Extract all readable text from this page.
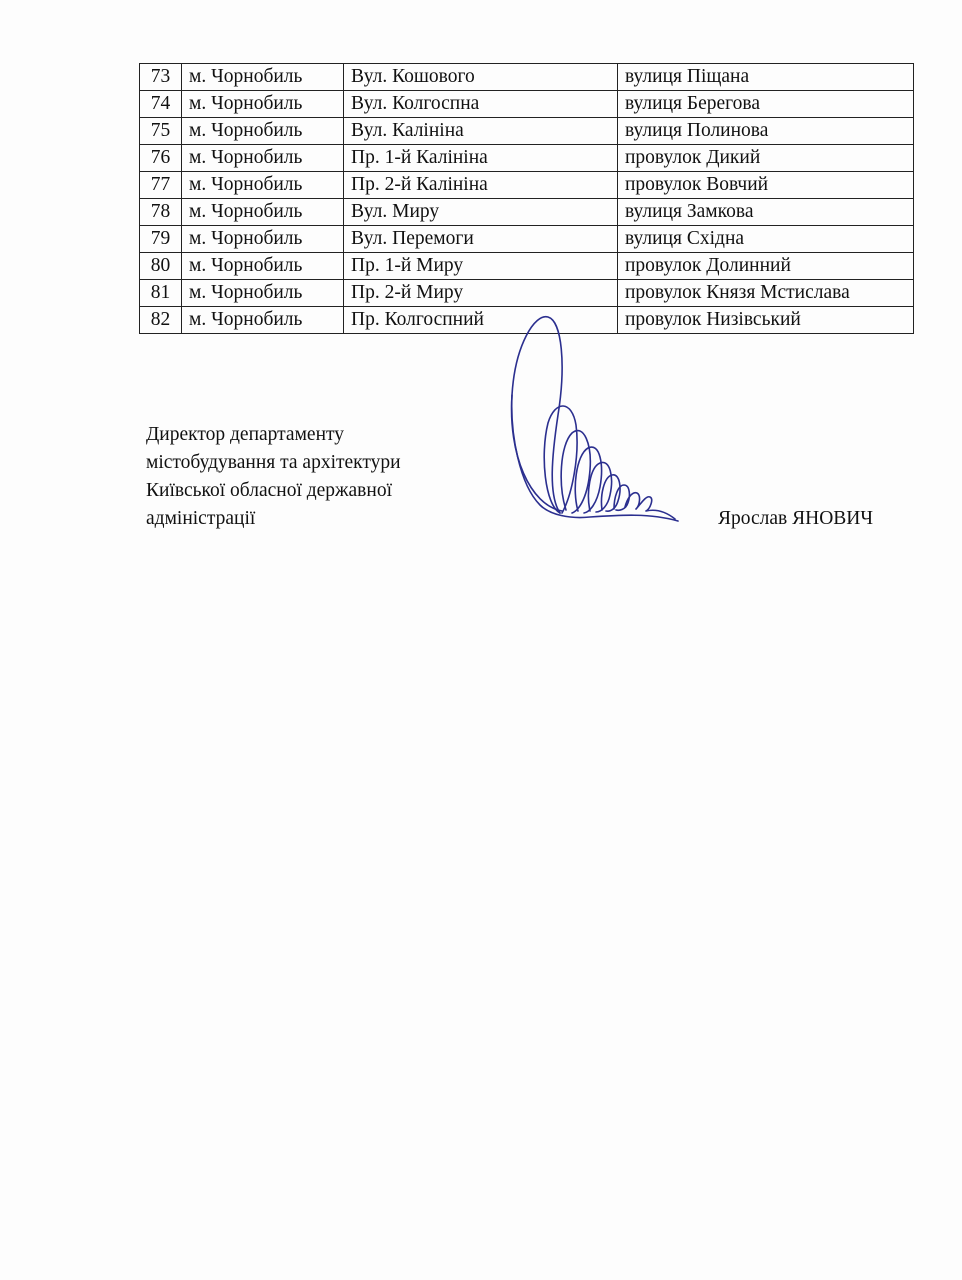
73	м. Чорнобиль	Вул. Кошового	вулиця Піщана
74	м. Чорнобиль	Вул. Колгоспна	вулиця Берегова
75	м. Чорнобиль	Вул. Калініна	вулиця Полинова
76	м. Чорнобиль	Пр. 1-й Калініна	провулок Дикий
77	м. Чорнобиль	Пр. 2-й Калініна	провулок Вовчий
78	м. Чорнобиль	Вул. Миру	вулиця Замкова
79	м. Чорнобиль	Вул. Перемоги	вулиця Східна
80	м. Чорнобиль	Пр. 1-й Миру	провулок Долинний
81	м. Чорнобиль	Пр. 2-й Миру	провулок Князя Мстислава
82	м. Чорнобиль	Пр. Колгоспний	провулок Низівський
Директор департаменту
містобудування та архітектури
Київської обласної державної
адміністрації	Ярослав ЯНОВИЧ
